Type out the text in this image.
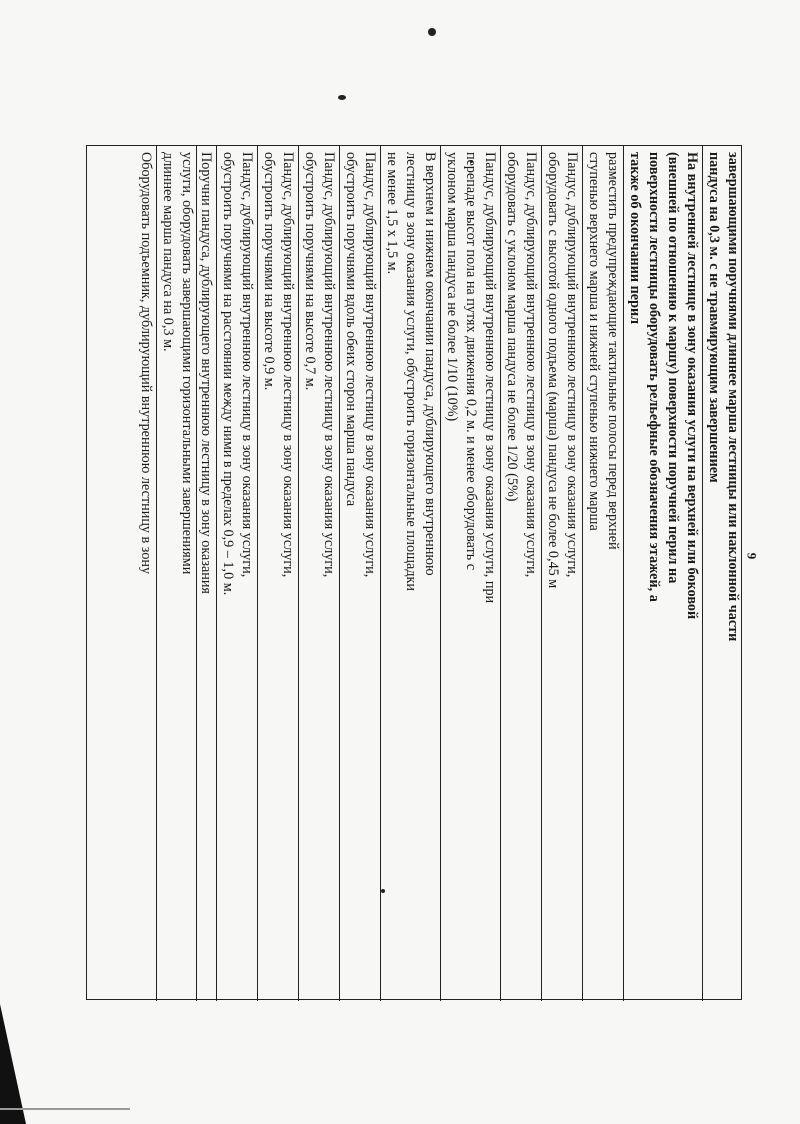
завершающими поручнями длиннее марша лестницы или наклонной части
пандуса на 0,3 м. с не травмирующим завершением
На внутренней лестнице в зону оказания услуги на верхней или боковой
(внешней по отношению к маршу) поверхности поручней перил на
поверхности лестницы оборудовать рельефные обозначения этажей, а
также об окончании перил
разместить предупреждающие тактильные полосы перед верхней
ступенью верхнего марша и нижней ступенью нижнего марша
Пандус, дублирующий внутреннюю лестницу в зону оказания услуги,
оборудовать с высотой одного подъема (марша) пандуса не более 0,45 м
Пандус, дублирующий внутреннюю лестницу в зону оказания услуги,
оборудовать с уклоном марша пандуса не более 1/20 (5%)
Пандус, дублирующий внутреннюю лестницу в зону оказания услуги, при
перепаде высот пола на путях движения 0,2 м. и менее оборудовать с
уклоном марша пандуса не более 1/10 (10%)
В верхнем и нижнем окончании пандуса, дублирующего внутреннюю
лестницу в зону оказания услуги, обустроить горизонтальные площадки
не менее 1,5 х 1,5 м.
Пандус, дублирующий внутреннюю лестницу в зону оказания услуги,
обустроить поручнями вдоль обеих сторон марша пандуса
Пандус, дублирующий внутреннюю лестницу в зону оказания услуги,
обустроить поручнями на высоте 0,7 м.
Пандус, дублирующий внутреннюю лестницу в зону оказания услуги,
обустроить поручнями на высоте 0,9 м.
Пандус, дублирующий внутреннюю лестницу в зону оказания услуги,
обустроить поручнями на расстоянии между ними в пределах 0,9 – 1,0 м.
Поручни пандуса, дублирующего внутреннюю лестницу в зону оказания
услуги, оборудовать завершающими горизонтальными завершениями
длиннее марша пандуса на 0,3 м.
Оборудовать подъемник, дублирующий внутреннюю лестницу в зону	9
